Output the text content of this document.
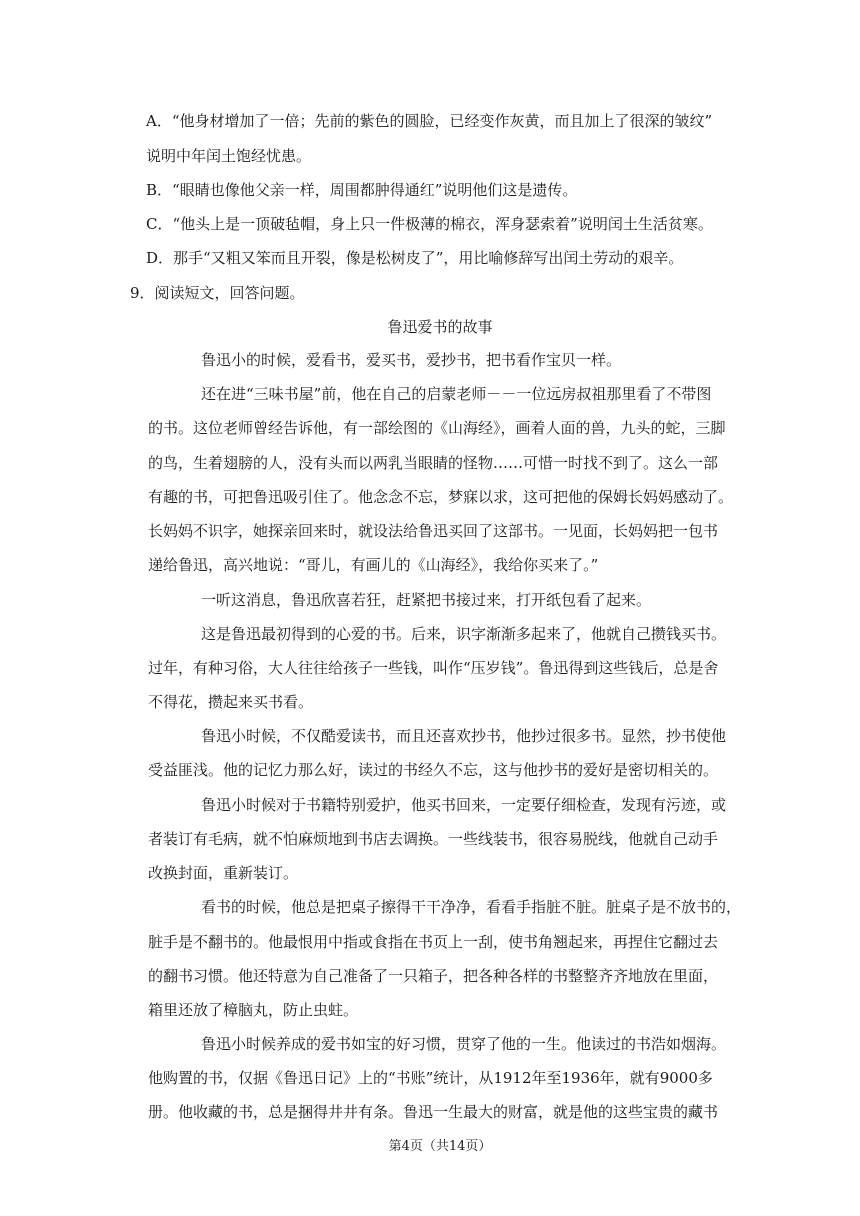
A．“他身材增加了一倍；先前的紫色的圆脸，已经变作灰黄，而且加上了很深的皱纹”
说明中年闰土饱经忧患。
B．“眼睛也像他父亲一样，周围都肿得通红”说明他们这是遗传。
C．“他头上是一顶破毡帽，身上只一件极薄的棉衣，浑身瑟索着”说明闰土生活贫寒。
D．那手“又粗又笨而且开裂，像是松树皮了”，用比喻修辞写出闰土劳动的艰辛。
9．阅读短文，回答问题。
鲁迅爱书的故事
鲁迅小的时候，爱看书，爱买书，爱抄书，把书看作宝贝一样。
还在进“三味书屋”前，他在自己的启蒙老师－－一位远房叔祖那里看了不带图
的书。这位老师曾经告诉他，有一部绘图的《山海经》，画着人面的兽，九头的蛇，三脚
的鸟，生着翅膀的人，没有头而以两乳当眼睛的怪物……可惜一时找不到了。这么一部
有趣的书，可把鲁迅吸引住了。他念念不忘，梦寐以求，这可把他的保姆长妈妈感动了。
长妈妈不识字，她探亲回来时，就设法给鲁迅买回了这部书。一见面，长妈妈把一包书
递给鲁迅，高兴地说：“哥儿，有画儿的《山海经》，我给你买来了。”
一听这消息，鲁迅欣喜若狂，赶紧把书接过来，打开纸包看了起来。
这是鲁迅最初得到的心爱的书。后来，识字渐渐多起来了，他就自己攒钱买书。
过年，有种习俗，大人往往给孩子一些钱，叫作“压岁钱”。鲁迅得到这些钱后，总是舍
不得花，攒起来买书看。
鲁迅小时候，不仅酷爱读书，而且还喜欢抄书，他抄过很多书。显然，抄书使他
受益匪浅。他的记忆力那么好，读过的书经久不忘，这与他抄书的爱好是密切相关的。
鲁迅小时候对于书籍特别爱护，他买书回来，一定要仔细检查，发现有污迹，或
者装订有毛病，就不怕麻烦地到书店去调换。一些线装书，很容易脱线，他就自己动手
改换封面，重新装订。
看书的时候，他总是把桌子擦得干干净净，看看手指脏不脏。脏桌子是不放书的，
脏手是不翻书的。他最恨用中指或食指在书页上一刮，使书角翘起来，再捏住它翻过去
的翻书习惯。他还特意为自己准备了一只箱子，把各种各样的书整整齐齐地放在里面，
箱里还放了樟脑丸，防止虫蛀。
鲁迅小时候养成的爱书如宝的好习惯，贯穿了他的一生。他读过的书浩如烟海。
他购置的书，仅据《鲁迅日记》上的“书账”统计，从1912年至1936年，就有9000多
册。他收藏的书，总是捆得井井有条。鲁迅一生最大的财富，就是他的这些宝贵的藏书
第4页（共14页）
